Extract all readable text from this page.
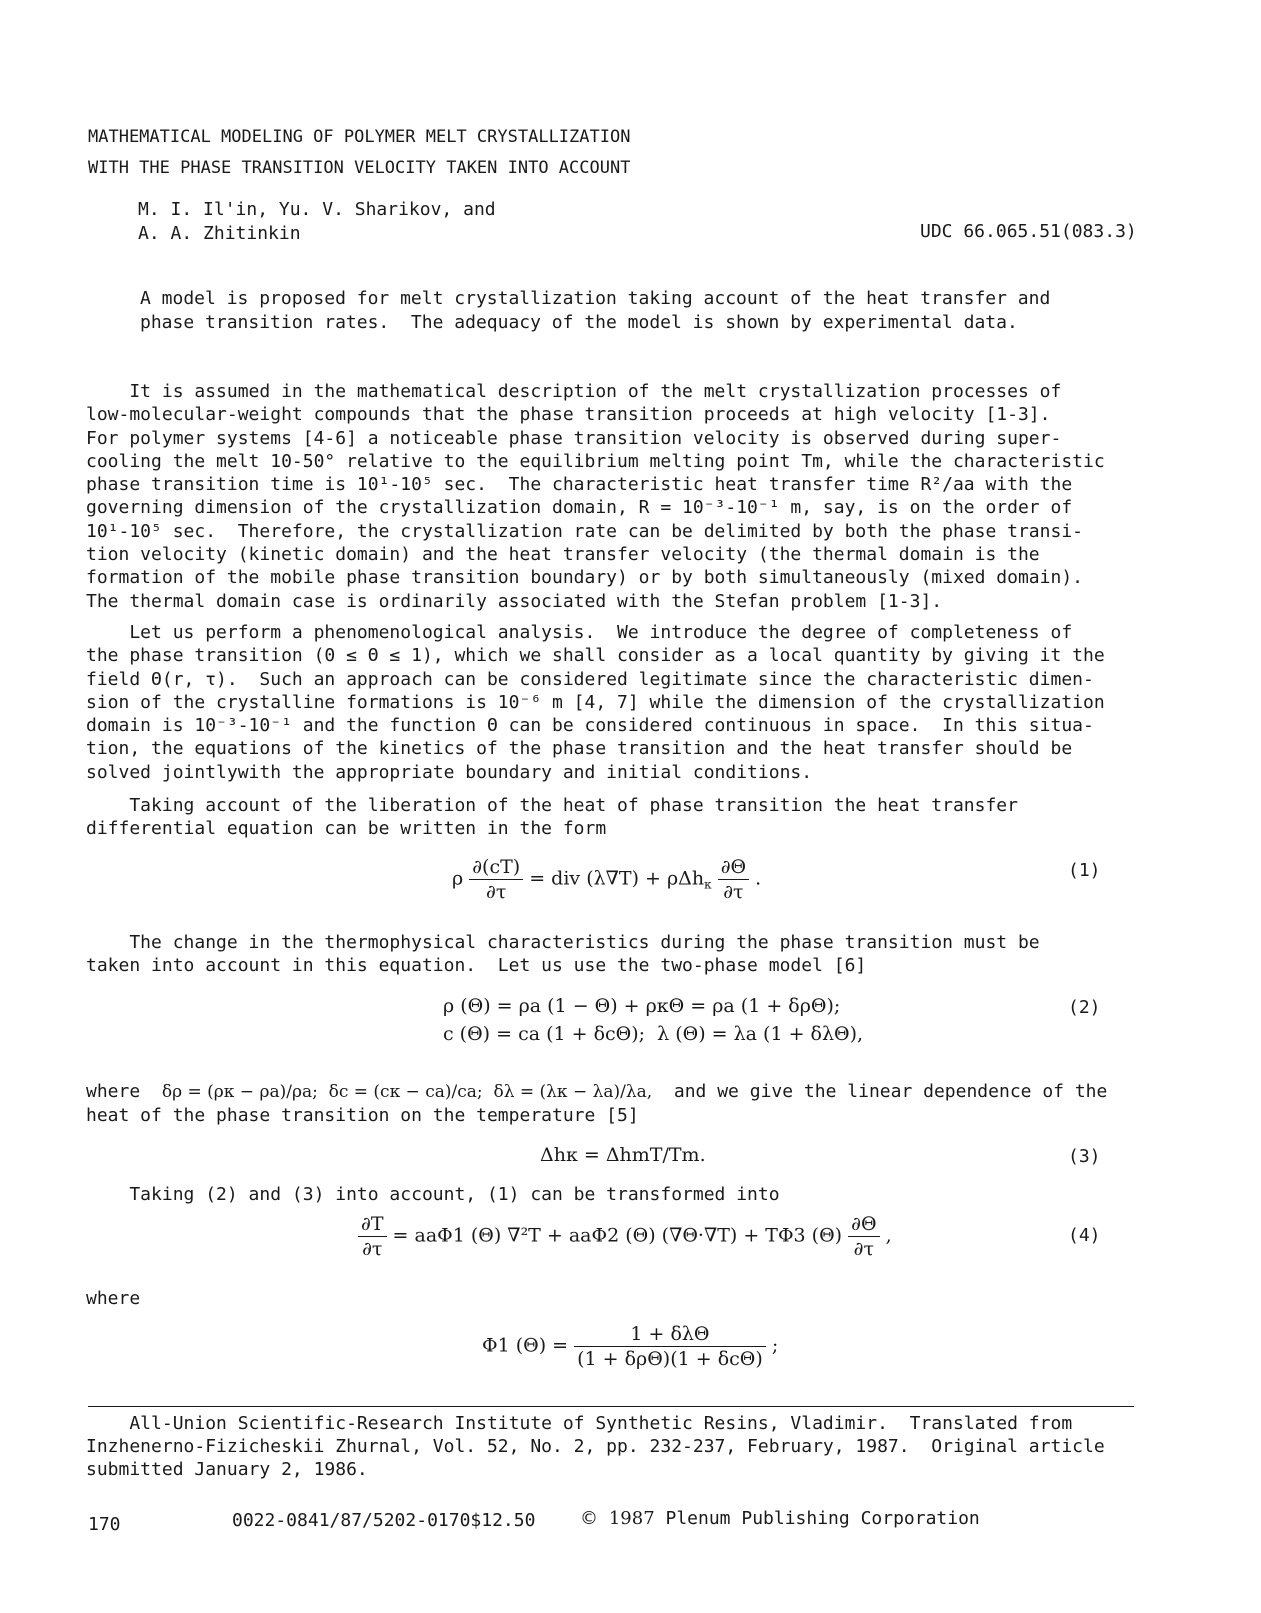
MATHEMATICAL MODELING OF POLYMER MELT CRYSTALLIZATION
WITH THE PHASE TRANSITION VELOCITY TAKEN INTO ACCOUNT
M. I. Il'in, Yu. V. Sharikov, and
A. A. Zhitinkin	UDC 66.065.51(083.3)
A model is proposed for melt crystallization taking account of the heat transfer and
phase transition rates.  The adequacy of the model is shown by experimental data.
It is assumed in the mathematical description of the melt crystallization processes of
low-molecular-weight compounds that the phase transition proceeds at high velocity [1-3].
For polymer systems [4-6] a noticeable phase transition velocity is observed during super-
cooling the melt 10-50° relative to the equilibrium melting point Tm, while the characteristic
phase transition time is 10¹-10⁵ sec.  The characteristic heat transfer time R²/aa with the
governing dimension of the crystallization domain, R = 10⁻³-10⁻¹ m, say, is on the order of
10¹-10⁵ sec.  Therefore, the crystallization rate can be delimited by both the phase transi-
tion velocity (kinetic domain) and the heat transfer velocity (the thermal domain is the
formation of the mobile phase transition boundary) or by both simultaneously (mixed domain).
The thermal domain case is ordinarily associated with the Stefan problem [1-3].
Let us perform a phenomenological analysis.  We introduce the degree of completeness of
the phase transition (0 ≤ Θ ≤ 1), which we shall consider as a local quantity by giving it the
field Θ(r, τ).  Such an approach can be considered legitimate since the characteristic dimen-
sion of the crystalline formations is 10⁻⁶ m [4, 7] while the dimension of the crystallization
domain is 10⁻³-10⁻¹ and the function Θ can be considered continuous in space.  In this situa-
tion, the equations of the kinetics of the phase transition and the heat transfer should be
solved jointlywith the appropriate boundary and initial conditions.
Taking account of the liberation of the heat of phase transition the heat transfer
differential equation can be written in the form
ρ $\frac{\partial(cT)}{\partial\tau}$ = div $(\lambda\nabla T) + \rho\Delta h_к \frac{\partial\Theta}{\partial\tau}$ .	(1)
The change in the thermophysical characteristics during the phase transition must be
taken into account in this equation.  Let us use the two-phase model [6]
ρ (Θ) = ρa (1 − Θ) + ρкΘ = ρa (1 + δρΘ);
c (Θ) = ca (1 + δcΘ);  λ (Θ) = λa (1 + δλΘ),
(2)
where δρ = (ρк − ρa)/ρa;  δc = (cк − ca)/ca;  δλ = (λк − λa)/λa, and we give the linear dependence of the
heat of the phase transition on the temperature [5]
Δhк = ΔhmT/Tm.	(3)
Taking (2) and (3) into account, (1) can be transformed into
$\frac{\partial T}{\partial\tau} = aa\Phi 1$ (Θ) ∇²T + aaΦ2 (Θ) (∇Θ·∇T) + TΦ3 $(\Theta) \frac{\partial\Theta}{\partial\tau}$ ,	(4)
where
Φ1 $(\Theta) = \frac{\text{1 + δλΘ}}{\text{(1 + δρΘ)(1 + δcΘ)}}$ ;
All-Union Scientific-Research Institute of Synthetic Resins, Vladimir.  Translated from
Inzhenerno-Fizicheskii Zhurnal, Vol. 52, No. 2, pp. 232-237, February, 1987.  Original article
submitted January 2, 1986.
170	0022-0841/87/5202-0170$12.50 © 1987 Plenum Publishing Corporation
